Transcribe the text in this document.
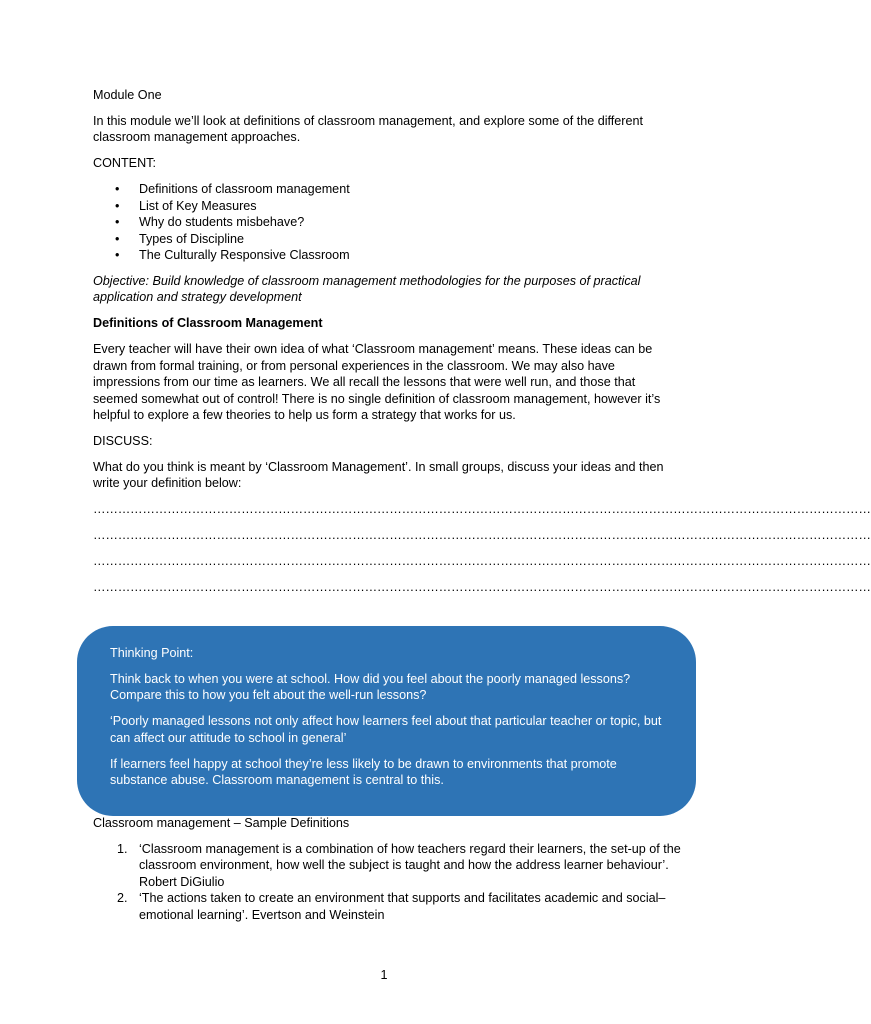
Module One

In this module we’ll look at definitions of classroom management, and explore some of the different classroom management approaches.

CONTENT:

• Definitions of classroom management
• List of Key Measures
• Why do students misbehave?
• Types of Discipline
• The Culturally Responsive Classroom

Objective: Build knowledge of classroom management methodologies for the purposes of practical application and strategy development

Definitions of Classroom Management

Every teacher will have their own idea of what ‘Classroom management’ means. These ideas can be drawn from formal training, or from personal experiences in the classroom. We may also have impressions from our time as learners. We all recall the lessons that were well run, and those that seemed somewhat out of control! There is no single definition of classroom management, however it’s helpful to explore a few theories to help us form a strategy that works for us.

DISCUSS:

What do you think is meant by ‘Classroom Management’. In small groups, discuss your ideas and then write your definition below:

………………………………………………………………………………………………………………………………………………………………………
………………………………………………………………………………………………………………………………………………………………………
………………………………………………………………………………………………………………………………………………………………………
………………………………………………………………………………………………………………………………………………………………………

Thinking Point:

Think back to when you were at school. How did you feel about the poorly managed lessons? Compare this to how you felt about the well-run lessons?

‘Poorly managed lessons not only affect how learners feel about that particular teacher or topic, but can affect our attitude to school in general’

If learners feel happy at school they’re less likely to be drawn to environments that promote substance abuse. Classroom management is central to this.

Classroom management – Sample Definitions

1. ‘Classroom management is a combination of how teachers regard their learners, the set-up of the classroom environment, how well the subject is taught and how the address learner behaviour’. Robert DiGiulio
2. ‘The actions taken to create an environment that supports and facilitates academic and social–emotional learning’. Evertson and Weinstein
1
